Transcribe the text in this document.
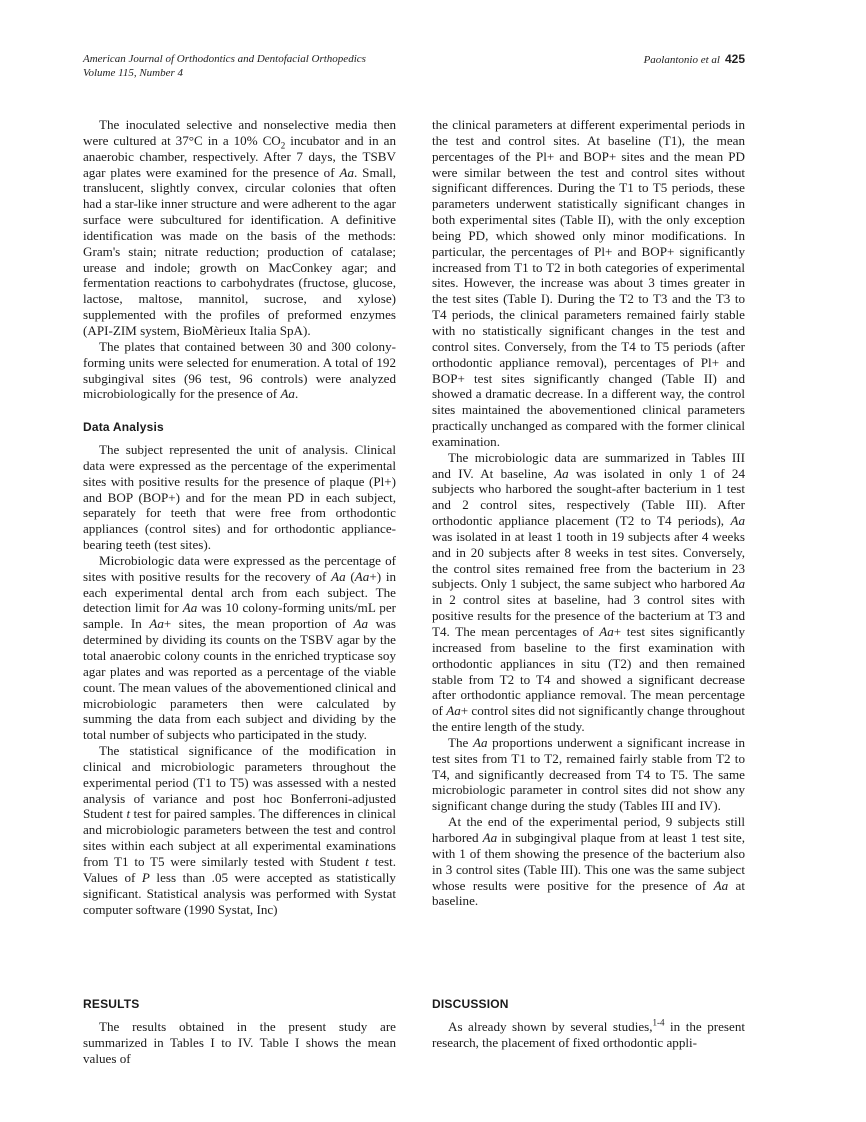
American Journal of Orthodontics and Dentofacial Orthopedics
Volume 115, Number 4
Paolantonio et al 425

The inoculated selective and nonselective media then were cultured at 37°C in a 10% $CO_2$ incubator and in an anaerobic chamber, respectively. After 7 days, the TSBV agar plates were examined for the presence of Aa. Small, translucent, slightly convex, circular colonies that often had a star-like inner structure and were adherent to the agar surface were subcultured for identification. A definitive identification was made on the basis of the methods: Gram's stain; nitrate reduction; production of catalase; urease and indole; growth on MacConkey agar; and fermentation reactions to carbohydrates (fructose, glucose, lactose, maltose, mannitol, sucrose, and xylose) supplemented with the profiles of preformed enzymes (API-ZIM system, BioMèrieux Italia SpA).

The plates that contained between 30 and 300 colony-forming units were selected for enumeration. A total of 192 subgingival sites (96 test, 96 controls) were analyzed microbiologically for the presence of Aa.

Data Analysis

The subject represented the unit of analysis. Clinical data were expressed as the percentage of the experimental sites with positive results for the presence of plaque (Pl+) and BOP (BOP+) and for the mean PD in each subject, separately for teeth that were free from orthodontic appliances (control sites) and for orthodontic appliance-bearing teeth (test sites).

Microbiologic data were expressed as the percentage of sites with positive results for the recovery of Aa (Aa+) in each experimental dental arch from each subject. The detection limit for Aa was 10 colony-forming units/mL per sample. In Aa+ sites, the mean proportion of Aa was determined by dividing its counts on the TSBV agar by the total anaerobic colony counts in the enriched trypticase soy agar plates and was reported as a percentage of the viable count. The mean values of the abovementioned clinical and microbiologic parameters then were calculated by summing the data from each subject and dividing by the total number of subjects who participated in the study.

The statistical significance of the modification in clinical and microbiologic parameters throughout the experimental period (T1 to T5) was assessed with a nested analysis of variance and post hoc Bonferroni-adjusted Student t test for paired samples. The differences in clinical and microbiologic parameters between the test and control sites within each subject at all experimental examinations from T1 to T5 were similarly tested with Student t test. Values of P less than .05 were accepted as statistically significant. Statistical analysis was performed with Systat computer software (1990 Systat, Inc)

RESULTS

The results obtained in the present study are summarized in Tables I to IV. Table I shows the mean values of

the clinical parameters at different experimental periods in the test and control sites. At baseline (T1), the mean percentages of the Pl+ and BOP+ sites and the mean PD were similar between the test and control sites without significant differences. During the T1 to T5 periods, these parameters underwent statistically significant changes in both experimental sites (Table II), with the only exception being PD, which showed only minor modifications. In particular, the percentages of Pl+ and BOP+ significantly increased from T1 to T2 in both categories of experimental sites. However, the increase was about 3 times greater in the test sites (Table I). During the T2 to T3 and the T3 to T4 periods, the clinical parameters remained fairly stable with no statistically significant changes in the test and control sites. Conversely, from the T4 to T5 periods (after orthodontic appliance removal), percentages of Pl+ and BOP+ test sites significantly changed (Table II) and showed a dramatic decrease. In a different way, the control sites maintained the abovementioned clinical parameters practically unchanged as compared with the former clinical examination.

The microbiologic data are summarized in Tables III and IV. At baseline, Aa was isolated in only 1 of 24 subjects who harbored the sought-after bacterium in 1 test and 2 control sites, respectively (Table III). After orthodontic appliance placement (T2 to T4 periods), Aa was isolated in at least 1 tooth in 19 subjects after 4 weeks and in 20 subjects after 8 weeks in test sites. Conversely, the control sites remained free from the bacterium in 23 subjects. Only 1 subject, the same subject who harbored Aa in 2 control sites at baseline, had 3 control sites with positive results for the presence of the bacterium at T3 and T4. The mean percentages of Aa+ test sites significantly increased from baseline to the first examination with orthodontic appliances in situ (T2) and then remained stable from T2 to T4 and showed a significant decrease after orthodontic appliance removal. The mean percentage of Aa+ control sites did not significantly change throughout the entire length of the study.

The Aa proportions underwent a significant increase in test sites from T1 to T2, remained fairly stable from T2 to T4, and significantly decreased from T4 to T5. The same microbiologic parameter in control sites did not show any significant change during the study (Tables III and IV).

At the end of the experimental period, 9 subjects still harbored Aa in subgingival plaque from at least 1 test site, with 1 of them showing the presence of the bacterium also in 3 control sites (Table III). This one was the same subject whose results were positive for the presence of Aa at baseline.

DISCUSSION

As already shown by several studies,$^{1-4}$ in the present research, the placement of fixed orthodontic appli-
